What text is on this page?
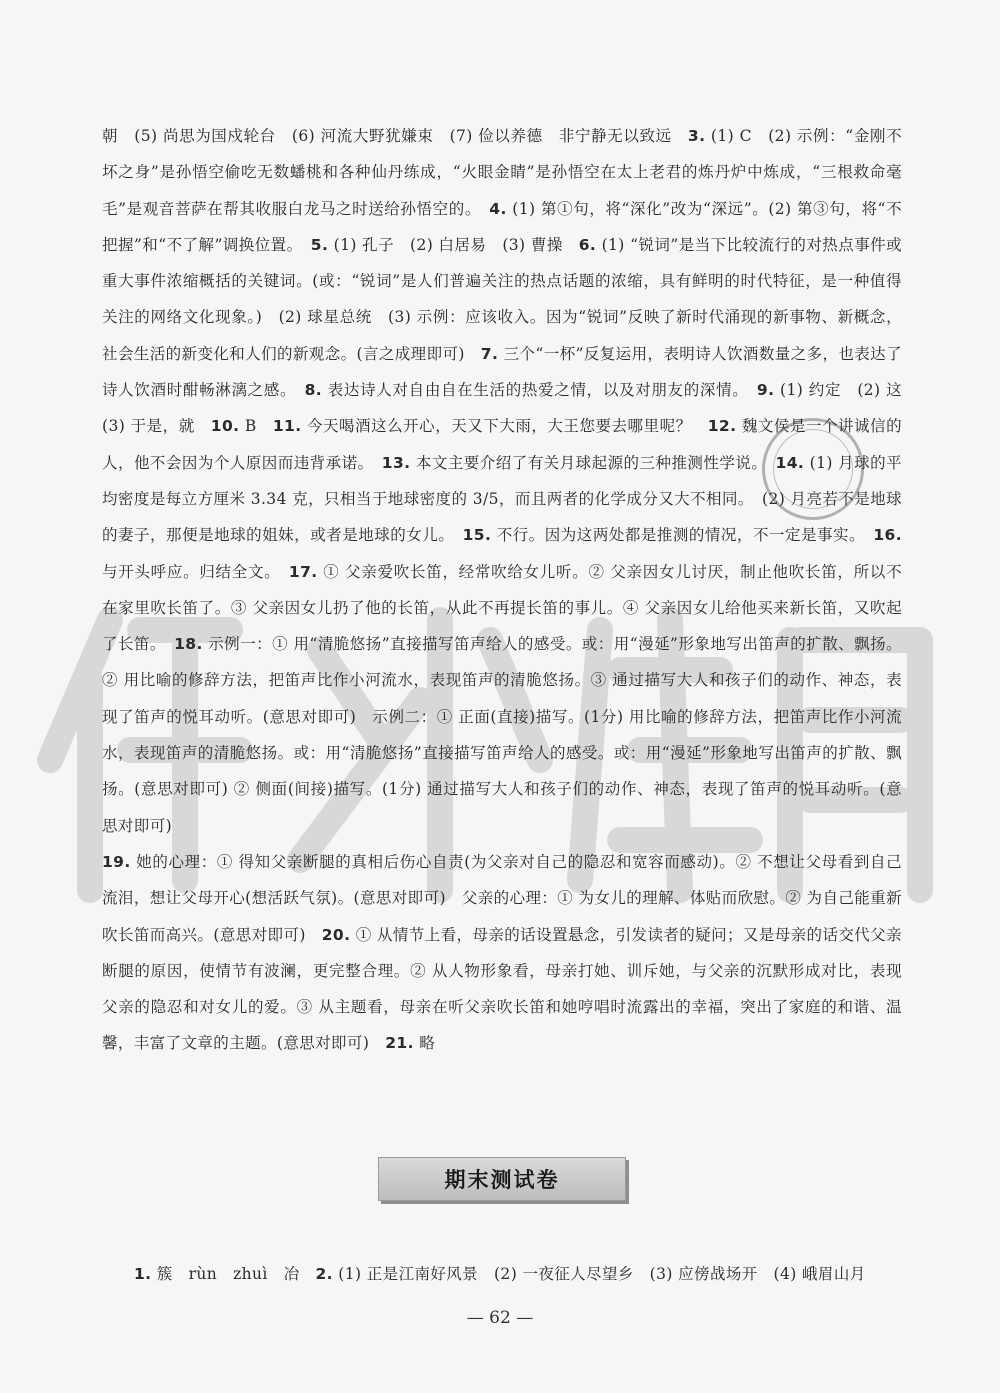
朝　(5) 尚思为国戍轮台　(6) 河流大野犹嫌束　(7) 俭以养德　非宁静无以致远　3. (1) C　(2) 示例：“金刚不坏之身”是孙悟空偷吃无数蟠桃和各种仙丹练成，“火眼金睛”是孙悟空在太上老君的炼丹炉中炼成，“三根救命毫毛”是观音菩萨在帮其收服白龙马之时送给孙悟空的。　4. (1) 第①句，将“深化”改为“深远”。(2) 第③句，将“不把握”和“不了解”调换位置。　5. (1) 孔子　(2) 白居易　(3) 曹操　6. (1) “锐词”是当下比较流行的对热点事件或重大事件浓缩概括的关键词。(或：“锐词”是人们普遍关注的热点话题的浓缩，具有鲜明的时代特征，是一种值得关注的网络文化现象。)　(2) 球星总统　(3) 示例：应该收入。因为“锐词”反映了新时代涌现的新事物、新概念，社会生活的新变化和人们的新观念。(言之成理即可)　7. 三个“一杯”反复运用，表明诗人饮酒数量之多，也表达了诗人饮酒时酣畅淋漓之感。　8. 表达诗人对自由自在生活的热爱之情，以及对朋友的深情。　9. (1) 约定　(2) 这　(3) 于是，就　10. B　11. 今天喝酒这么开心，天又下大雨，大王您要去哪里呢？　12. 魏文侯是一个讲诚信的人，他不会因为个人原因而违背承诺。　13. 本文主要介绍了有关月球起源的三种推测性学说。　14. (1) 月球的平均密度是每立方厘米 3.34 克，只相当于地球密度的 3/5，而且两者的化学成分又大不相同。　(2) 月亮若不是地球的妻子，那便是地球的姐妹，或者是地球的女儿。　15. 不行。因为这两处都是推测的情况，不一定是事实。　16. 与开头呼应。归结全文。　17. ① 父亲爱吹长笛，经常吹给女儿听。② 父亲因女儿讨厌，制止他吹长笛，所以不在家里吹长笛了。③ 父亲因女儿扔了他的长笛，从此不再提长笛的事儿。④ 父亲因女儿给他买来新长笛，又吹起了长笛。　18. 示例一：① 用“清脆悠扬”直接描写笛声给人的感受。或：用“漫延”形象地写出笛声的扩散、飘扬。② 用比喻的修辞方法，把笛声比作小河流水，表现笛声的清脆悠扬。③ 通过描写大人和孩子们的动作、神态，表现了笛声的悦耳动听。(意思对即可)　示例二：① 正面(直接)描写。(1分) 用比喻的修辞方法，把笛声比作小河流水，表现笛声的清脆悠扬。或：用“清脆悠扬”直接描写笛声给人的感受。或：用“漫延”形象地写出笛声的扩散、飘扬。(意思对即可) ② 侧面(间接)描写。(1分) 通过描写大人和孩子们的动作、神态，表现了笛声的悦耳动听。(意思对即可)

19. 她的心理：① 得知父亲断腿的真相后伤心自责(为父亲对自己的隐忍和宽容而感动)。② 不想让父母看到自己流泪，想让父母开心(想活跃气氛)。(意思对即可)　父亲的心理：① 为女儿的理解、体贴而欣慰。② 为自己能重新吹长笛而高兴。(意思对即可)　20. ① 从情节上看，母亲的话设置悬念，引发读者的疑问；又是母亲的话交代父亲断腿的原因，使情节有波澜，更完整合理。② 从人物形象看，母亲打她、训斥她，与父亲的沉默形成对比，表现父亲的隐忍和对女儿的爱。③ 从主题看，母亲在听父亲吹长笛和她哼唱时流露出的幸福，突出了家庭的和谐、温馨，丰富了文章的主题。(意思对即可)　21. 略

期末测试卷
1. 簇　rùn　zhuì　冶　2. (1) 正是江南好风景　(2) 一夜征人尽望乡　(3) 应傍战场开　(4) 峨眉山月
— 62 —
